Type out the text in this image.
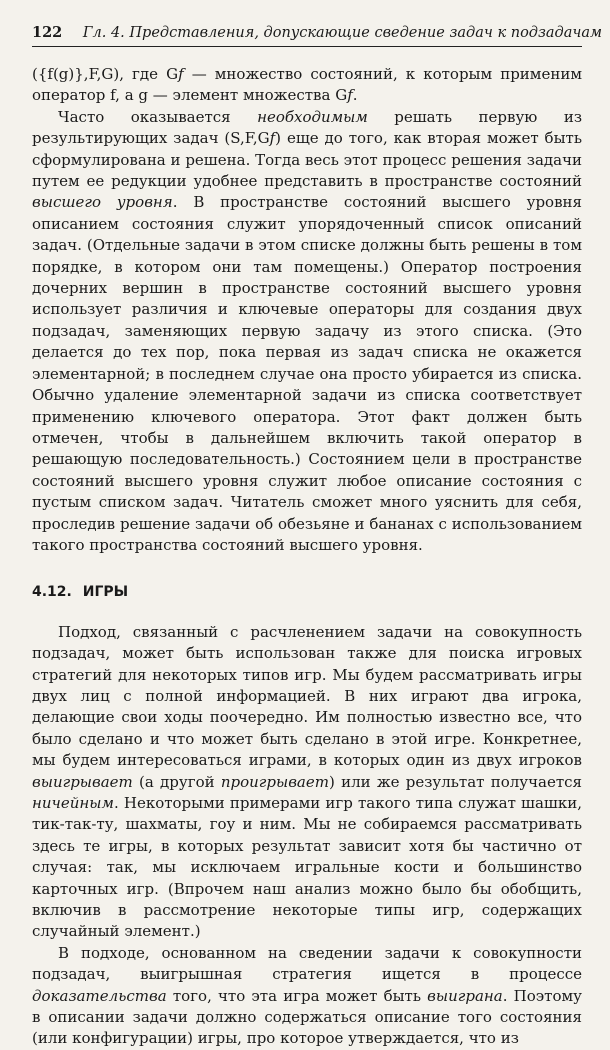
122 Гл. 4. Представления, допускающие сведение задач к подзадачам

({f(g)},F,G), где Gf — множество состояний, к которым применим оператор f, а g — элемент множества Gf.

Часто оказывается необходимым решать первую из результирующих задач (S,F,Gf) еще до того, как вторая может быть сформулирована и решена. Тогда весь этот процесс решения задачи путем ее редукции удобнее представить в пространстве состояний высшего уровня. В пространстве состояний высшего уровня описанием состояния служит упорядоченный список описаний задач. (Отдельные задачи в этом списке должны быть решены в том порядке, в котором они там помещены.) Оператор построения дочерних вершин в пространстве состояний высшего уровня использует различия и ключевые операторы для создания двух подзадач, заменяющих первую задачу из этого списка. (Это делается до тех пор, пока первая из задач списка не окажется элементарной; в последнем случае она просто убирается из списка. Обычно удаление элементарной задачи из списка соответствует применению ключевого оператора. Этот факт должен быть отмечен, чтобы в дальнейшем включить такой оператор в решающую последовательность.) Состоянием цели в пространстве состояний высшего уровня служит любое описание состояния с пустым списком задач. Читатель сможет много уяснить для себя, проследив решение задачи об обезьяне и бананах с использованием такого пространства состояний высшего уровня.

4.12. ИГРЫ

Подход, связанный с расчленением задачи на совокупность подзадач, может быть использован также для поиска игровых стратегий для некоторых типов игр. Мы будем рассматривать игры двух лиц с полной информацией. В них играют два игрока, делающие свои ходы поочередно. Им полностью известно все, что было сделано и что может быть сделано в этой игре. Конкретнее, мы будем интересоваться играми, в которых один из двух игроков выигрывает (а другой проигрывает) или же результат получается ничейным. Некоторыми примерами игр такого типа служат шашки, тик-так-ту, шахматы, гоу и ним. Мы не собираемся рассматривать здесь те игры, в которых результат зависит хотя бы частично от случая: так, мы исключаем игральные кости и большинство карточных игр. (Впрочем наш анализ можно было бы обобщить, включив в рассмотрение некоторые типы игр, содержащих случайный элемент.)

В подходе, основанном на сведении задачи к совокупности подзадач, выигрышная стратегия ищется в процессе доказательства того, что эта игра может быть выиграна. Поэтому в описании задачи должно содержаться описание того состояния (или конфигурации) игры, про которое утверждается, что из
